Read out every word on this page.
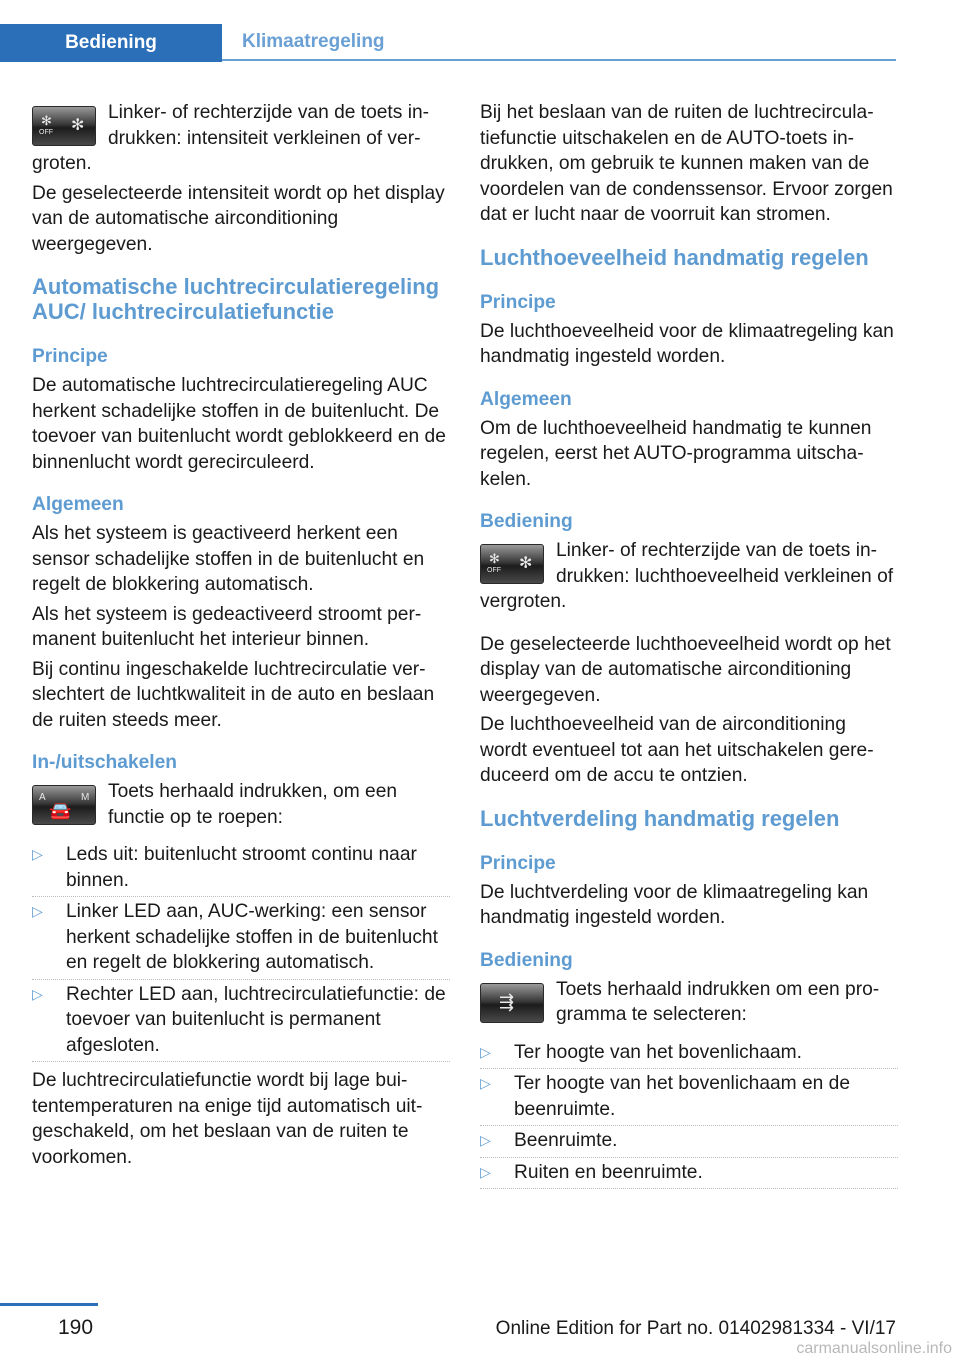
Bediening	Klimaatregeling
✻
OFF ✻
Linker- of rechterzijde van de toets indrukken: intensiteit verkleinen of vergroten.

De geselecteerde intensiteit wordt op het display van de automatische airconditioning weergegeven.

Automatische luchtrecirculatieregeling AUC/ luchtrecirculatiefunctie
Principe

De automatische luchtrecirculatieregeling AUC herkent schadelijke stoffen in de buitenlucht. De toevoer van buitenlucht wordt geblokkeerd en de binnenlucht wordt gerecirculeerd.

Algemeen

Als het systeem is geactiveerd herkent een sensor schadelijke stoffen in de buitenlucht en regelt de blokkering automatisch.

Als het systeem is gedeactiveerd stroomt permanent buitenlucht het interieur binnen.

Bij continu ingeschakelde luchtrecirculatie verslechtert de luchtkwaliteit in de auto en beslaan de ruiten steeds meer.

In-/uitschakelen
A	M
🚘
Toets herhaald indrukken, om een functie op te roepen:
▷ Leds uit: buitenlucht stroomt continu naar binnen.
▷ Linker LED aan, AUC-werking: een sensor herkent schadelijke stoffen in de buitenlucht en regelt de blokkering automatisch.
▷ Rechter LED aan, luchtrecirculatiefunctie: de toevoer van buitenlucht is permanent afgesloten.

De luchtrecirculatiefunctie wordt bij lage buitentemperaturen na enige tijd automatisch uitgeschakeld, om het beslaan van de ruiten te voorkomen.

Bij het beslaan van de ruiten de luchtrecirculatiefunctie uitschakelen en de AUTO-toets indrukken, om gebruik te kunnen maken van de voordelen van de condenssensor. Ervoor zorgen dat er lucht naar de voorruit kan stromen.

Luchthoeveelheid handmatig regelen
Principe

De luchthoeveelheid voor de klimaatregeling kan handmatig ingesteld worden.

Algemeen

Om de luchthoeveelheid handmatig te kunnen regelen, eerst het AUTO-programma uitschakelen.

Bediening
✻
OFF ✻
Linker- of rechterzijde van de toets indrukken: luchthoeveelheid verkleinen of vergroten.

De geselecteerde luchthoeveelheid wordt op het display van de automatische airconditioning weergegeven.

De luchthoeveelheid van de airconditioning wordt eventueel tot aan het uitschakelen gereduceerd om de accu te ontzien.

Luchtverdeling handmatig regelen
Principe

De luchtverdeling voor de klimaatregeling kan handmatig ingesteld worden.

Bediening
⇶
Toets herhaald indrukken om een programma te selecteren:
▷ Ter hoogte van het bovenlichaam.
▷ Ter hoogte van het bovenlichaam en de beenruimte.
▷ Beenruimte.
▷ Ruiten en beenruimte.
190	Online Edition for Part no. 01402981334 - VI/17
carmanualsonline.info
